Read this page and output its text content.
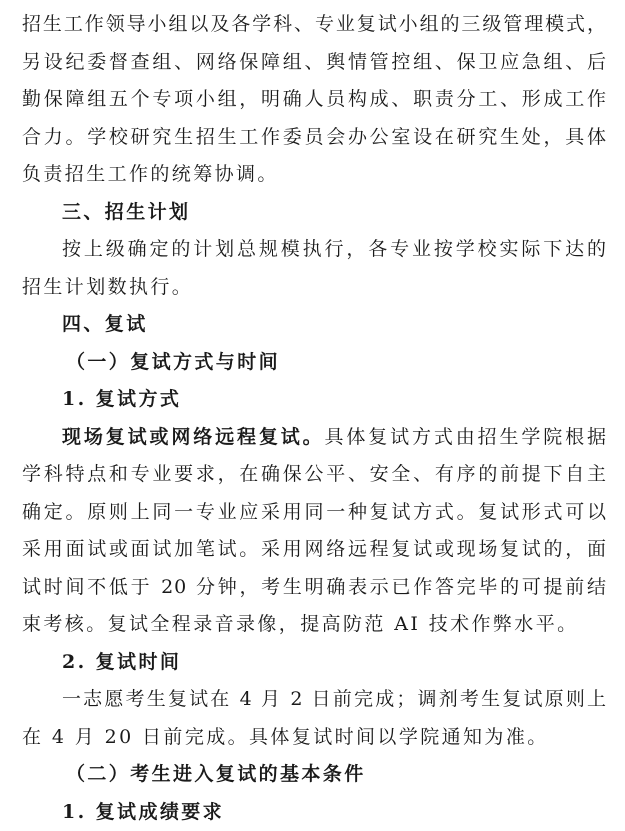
招生工作领导小组以及各学科、专业复试小组的三级管理模式，
另设纪委督查组、网络保障组、舆情管控组、保卫应急组、后
勤保障组五个专项小组，明确人员构成、职责分工、形成工作
合力。学校研究生招生工作委员会办公室设在研究生处，具体
负责招生工作的统筹协调。
三、招生计划
按上级确定的计划总规模执行，各专业按学校实际下达的
招生计划数执行。
四、复试
（一）复试方式与时间
1. 复试方式
现场复试或网络远程复试。具体复试方式由招生学院根据
学科特点和专业要求，在确保公平、安全、有序的前提下自主
确定。原则上同一专业应采用同一种复试方式。复试形式可以
采用面试或面试加笔试。采用网络远程复试或现场复试的，面
试时间不低于 20 分钟，考生明确表示已作答完毕的可提前结
束考核。复试全程录音录像，提高防范 AI 技术作弊水平。
2. 复试时间
一志愿考生复试在 4 月 2 日前完成；调剂考生复试原则上
在 4 月 20 日前完成。具体复试时间以学院通知为准。
（二）考生进入复试的基本条件
1. 复试成绩要求
